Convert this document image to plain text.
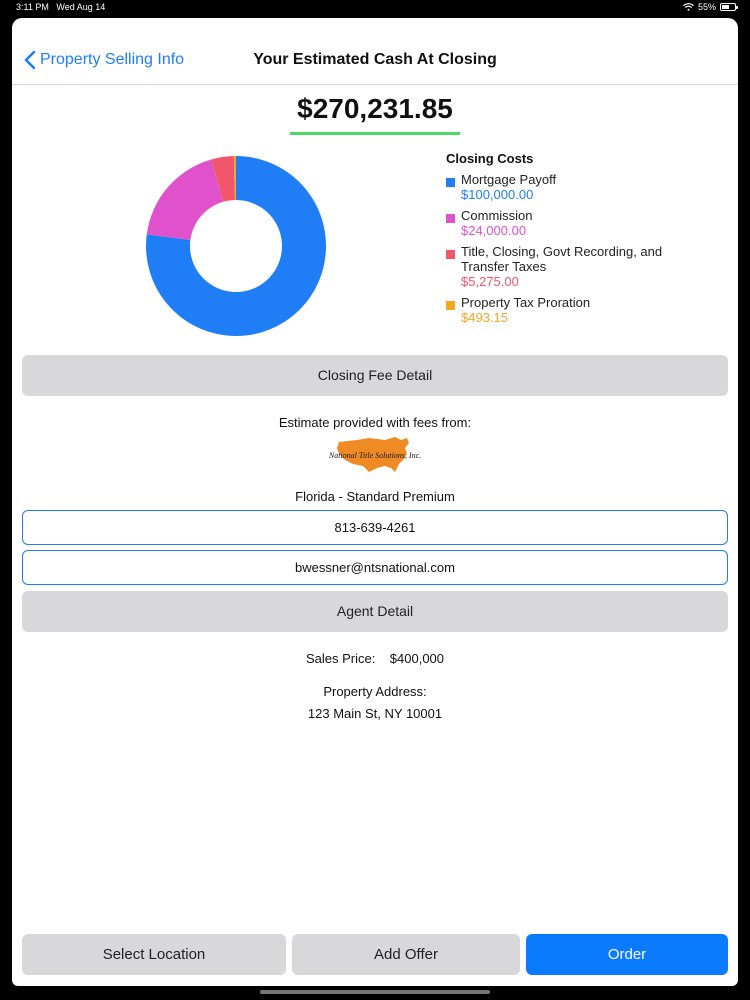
3:11 PM Wed Aug 14	55%
Property Selling Info	Your Estimated Cash At Closing
$270,231.85
Closing Costs
Mortgage Payoff
$100,000.00
Commission
$24,000.00
Title, Closing, Govt Recording, and Transfer Taxes
$5,275.00
Property Tax Proration
$493.15
Closing Fee Detail
Estimate provided with fees from:
National Title Solutions, Inc.
Florida - Standard Premium
813-639-4261
bwessner@ntsnational.com
Agent Detail
Sales Price: $400,000
Property Address:
123 Main St, NY 10001
Select Location	Add Offer	Order
